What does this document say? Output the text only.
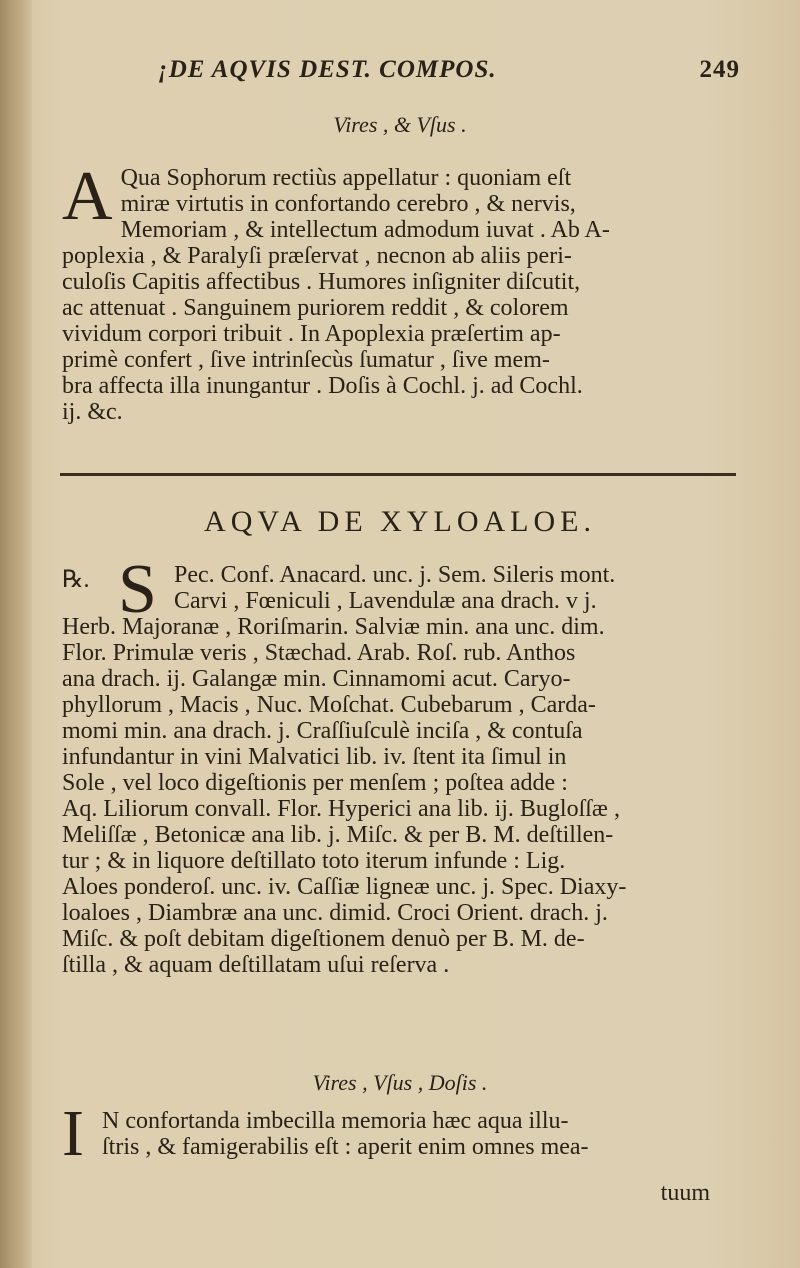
¡DE AQVIS DEST. COMPOS.	249
Vires , & Vſus .
A Qua Sophorum rectiùs appellatur : quoniam eſt
miræ virtutis in confortando cerebro , & nervis,
Memoriam , & intellectum admodum iuvat . Ab A-
poplexia , & Paralyſi præſervat , necnon ab aliis peri-
culoſis Capitis affectibus . Humores inſigniter diſcutit,
ac attenuat . Sanguinem puriorem reddit , & colorem
vividum corpori tribuit . In Apoplexia præſertim ap-
primè confert , ſive intrinſecùs ſumatur , ſive mem-
bra affecta illa inungantur . Doſis à Cochl. j. ad Cochl.
ij. &c.
AQVA DE XYLOALOE.
℞. S Pec. Conf. Anacard. unc. j. Sem. Sileris mont.
Carvi , Fœniculi , Lavendulæ ana drach. v j.
Herb. Majoranæ , Roriſmarin. Salviæ min. ana unc. dim.
Flor. Primulæ veris , Stæchad. Arab. Roſ. rub. Anthos
ana drach. ij. Galangæ min. Cinnamomi acut. Caryo-
phyllorum , Macis , Nuc. Moſchat. Cubebarum , Carda-
momi min. ana drach. j. Craſſiuſculè inciſa , & contuſa
infundantur in vini Malvatici lib. iv. ſtent ita ſimul in
Sole , vel loco digeſtionis per menſem ; poſtea adde :
Aq. Liliorum convall. Flor. Hyperici ana lib. ij. Bugloſſæ ,
Meliſſæ , Betonicæ ana lib. j. Miſc. & per B. M. deſtillen-
tur ; & in liquore deſtillato toto iterum infunde : Lig.
Aloes ponderoſ. unc. iv. Caſſiæ ligneæ unc. j. Spec. Diaxy-
loaloes , Diambræ ana unc. dimid. Croci Orient. drach. j.
Miſc. & poſt debitam digeſtionem denuò per B. M. de-
ſtilla , & aquam deſtillatam uſui reſerva .
Vires , Vſus , Doſis .
I N confortanda imbecilla memoria hæc aqua illu-
ſtris , & famigerabilis eſt : aperit enim omnes mea-
tuum
